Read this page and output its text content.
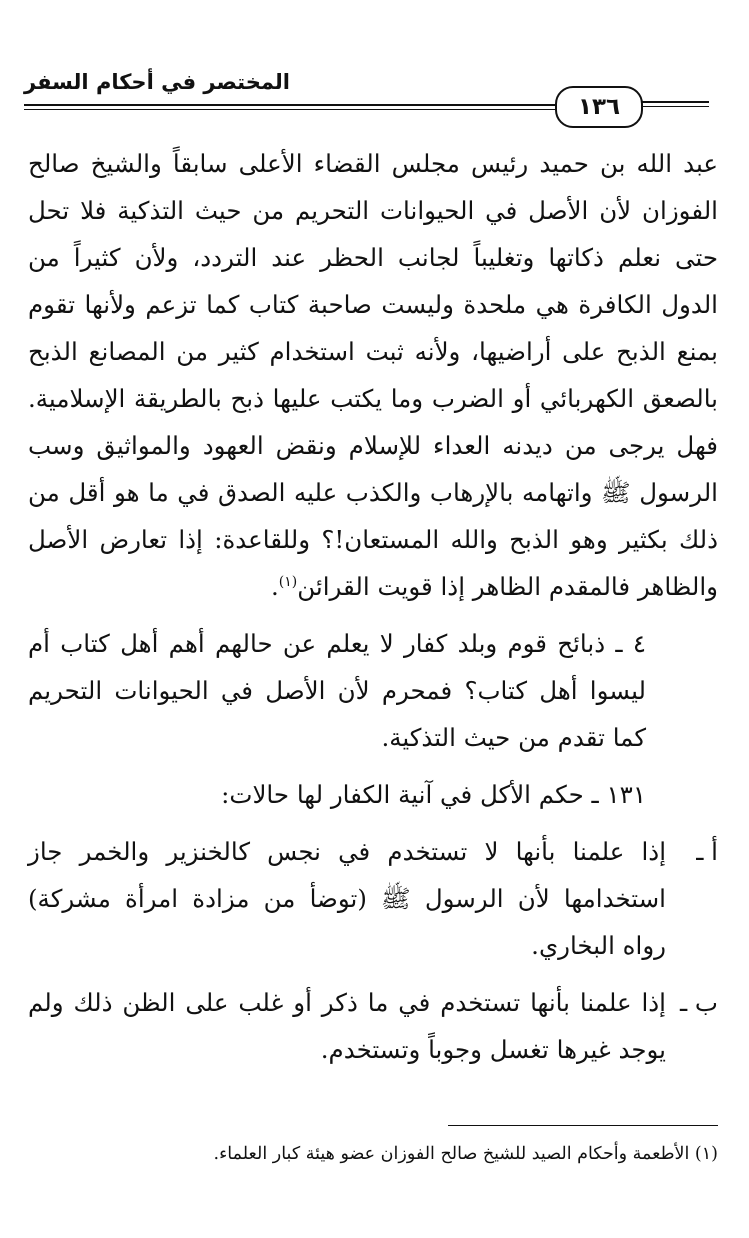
المختصر في أحكام السفر
١٣٦

عبد الله بن حميد رئيس مجلس القضاء الأعلى سابقاً والشيخ صالح الفوزان لأن الأصل في الحيوانات التحريم من حيث التذكية فلا تحل حتى نعلم ذكاتها وتغليباً لجانب الحظر عند التردد، ولأن كثيراً من الدول الكافرة هي ملحدة وليست صاحبة كتاب كما تزعم ولأنها تقوم بمنع الذبح على أراضيها، ولأنه ثبت استخدام كثير من المصانع الذبح بالصعق الكهربائي أو الضرب وما يكتب عليها ذبح بالطريقة الإسلامية. فهل يرجى من ديدنه العداء للإسلام ونقض العهود والمواثيق وسب الرسول ﷺ واتهامه بالإرهاب والكذب عليه الصدق في ما هو أقل من ذلك بكثير وهو الذبح والله المستعان!؟ وللقاعدة: إذا تعارض الأصل والظاهر فالمقدم الظاهر إذا قويت القرائن$^{(١)}$.

٤ ـ ذبائح قوم وبلد كفار لا يعلم عن حالهم أهم أهل كتاب أم ليسوا أهل كتاب؟ فمحرم لأن الأصل في الحيوانات التحريم كما تقدم من حيث التذكية.

١٣١ ـ حكم الأكل في آنية الكفار لها حالات:

أ ـ
إذا علمنا بأنها لا تستخدم في نجس كالخنزير والخمر جاز استخدامها لأن الرسول ﷺ (توضأ من مزادة امرأة مشركة) رواه البخاري.
ب ـ
إذا علمنا بأنها تستخدم في ما ذكر أو غلب على الظن ذلك ولم يوجد غيرها تغسل وجوباً وتستخدم.
(١) الأطعمة وأحكام الصيد للشيخ صالح الفوزان عضو هيئة كبار العلماء.
